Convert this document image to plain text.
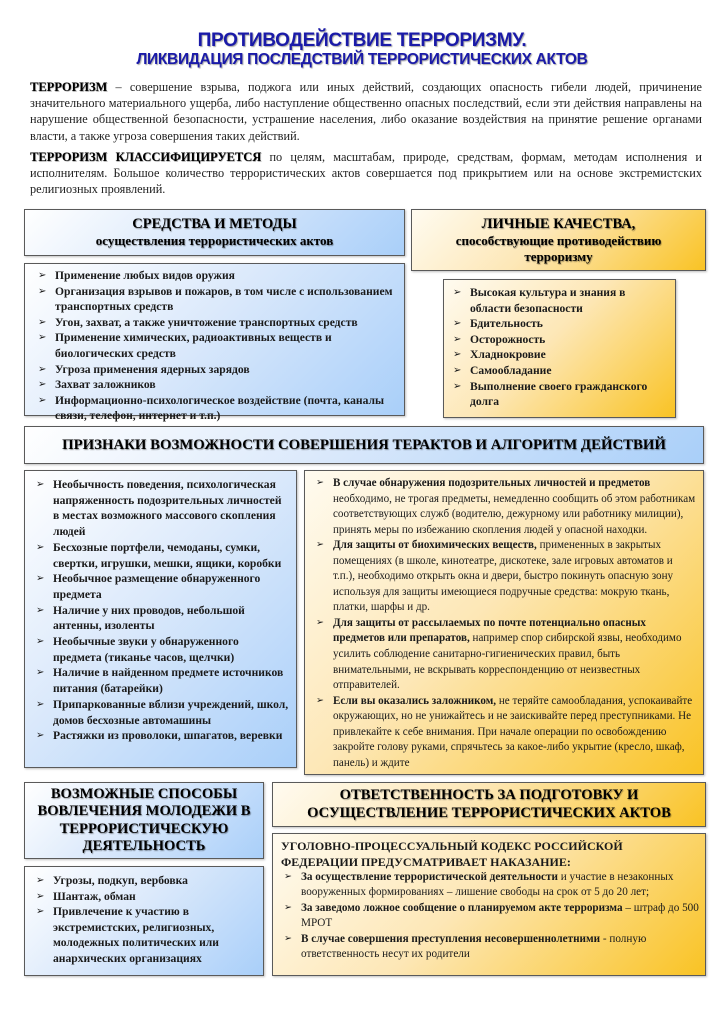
ПРОТИВОДЕЙСТВИЕ ТЕРРОРИЗМУ.
ЛИКВИДАЦИЯ ПОСЛЕДСТВИЙ ТЕРРОРИСТИЧЕСКИХ АКТОВ

ТЕРРОРИЗМ – совершение взрыва, поджога или иных действий, создающих опасность гибели людей, причинение значительного материального ущерба, либо наступление общественно опасных последствий, если эти действия направлены на нарушение общественной безопасности, устрашение населения, либо оказание воздействия на принятие решение органами власти, а также угроза совершения таких действий.

ТЕРРОРИЗМ КЛАССИФИЦИРУЕТСЯ по целям, масштабам, природе, средствам, формам, методам исполнения и исполнителям. Большое количество террористических актов совершается под прикрытием или на основе экстремистских религиозных проявлений.

СРЕДСТВА И МЕТОДЫ
осуществления террористических актов
➢ Применение любых видов оружия
➢ Организация взрывов и пожаров, в том числе с использованием транспортных средств
➢ Угон, захват, а также уничтожение транспортных средств
➢ Применение химических, радиоактивных веществ и биологических средств
➢ Угроза применения ядерных зарядов
➢ Захват заложников
➢ Информационно-психологическое воздействие (почта, каналы связи, телефон, интернет и т.п.)
ЛИЧНЫЕ КАЧЕСТВА,
способствующие противодействию терроризму
➢ Высокая культура и знания в области безопасности
➢ Бдительность
➢ Осторожность
➢ Хладнокровие
➢ Самообладание
➢ Выполнение своего гражданского долга
ПРИЗНАКИ ВОЗМОЖНОСТИ СОВЕРШЕНИЯ ТЕРАКТОВ И АЛГОРИТМ ДЕЙСТВИЙ
➢ Необычность поведения, психологическая напряженность подозрительных личностей в местах возможного массового скопления людей
➢ Бесхозные портфели, чемоданы, сумки, свертки, игрушки, мешки, ящики, коробки
➢ Необычное размещение обнаруженного предмета
➢ Наличие у них проводов, небольшой антенны, изоленты
➢ Необычные звуки у обнаруженного предмета (тиканье часов, щелчки)
➢ Наличие в найденном предмете источников питания (батарейки)
➢ Припаркованные вблизи учреждений, школ, домов бесхозные автомашины
➢ Растяжки из проволоки, шпагатов, веревки
➢ В случае обнаружения подозрительных личностей и предметов необходимо, не трогая предметы, немедленно сообщить об этом работникам соответствующих служб (водителю, дежурному или работнику милиции), принять меры по избежанию скопления людей у опасной находки.
➢ Для защиты от биохимических веществ, примененных в закрытых помещениях (в школе, кинотеатре, дискотеке, зале игровых автоматов и т.п.), необходимо открыть окна и двери, быстро покинуть опасную зону используя для защиты имеющиеся подручные средства: мокрую ткань, платки, шарфы и др.
➢ Для защиты от рассылаемых по почте потенциально опасных предметов или препаратов, например спор сибирской язвы, необходимо усилить соблюдение санитарно-гигиенических правил, быть внимательными, не вскрывать корреспонденцию от неизвестных отправителей.
➢ Если вы оказались заложником, не теряйте самообладания, успокаивайте окружающих, но не унижайтесь и не заискивайте перед преступниками. Не привлекайте к себе внимания. При начале операции по освобождению закройте голову руками, спрячьтесь за какое-либо укрытие (кресло, шкаф, панель) и ждите
ВОЗМОЖНЫЕ СПОСОБЫ ВОВЛЕЧЕНИЯ МОЛОДЕЖИ В ТЕРРОРИСТИЧЕСКУЮ ДЕЯТЕЛЬНОСТЬ
➢ Угрозы, подкуп, вербовка
➢ Шантаж, обман
➢ Привлечение к участию в экстремистских, религиозных, молодежных политических или анархических организациях
ОТВЕТСТВЕННОСТЬ ЗА ПОДГОТОВКУ И ОСУЩЕСТВЛЕНИЕ ТЕРРОРИСТИЧЕСКИХ АКТОВ
УГОЛОВНО-ПРОЦЕССУАЛЬНЫЙ КОДЕКС РОССИЙСКОЙ ФЕДЕРАЦИИ ПРЕДУСМАТРИВАЕТ НАКАЗАНИЕ:
➢ За осуществление террористической деятельности и участие в незаконных вооруженных формированиях – лишение свободы на срок от 5 до 20 лет;
➢ За заведомо ложное сообщение о планируемом акте терроризма – штраф до 500 МРОТ
➢ В случае совершения преступления несовершеннолетними - полную ответственность несут их родители
